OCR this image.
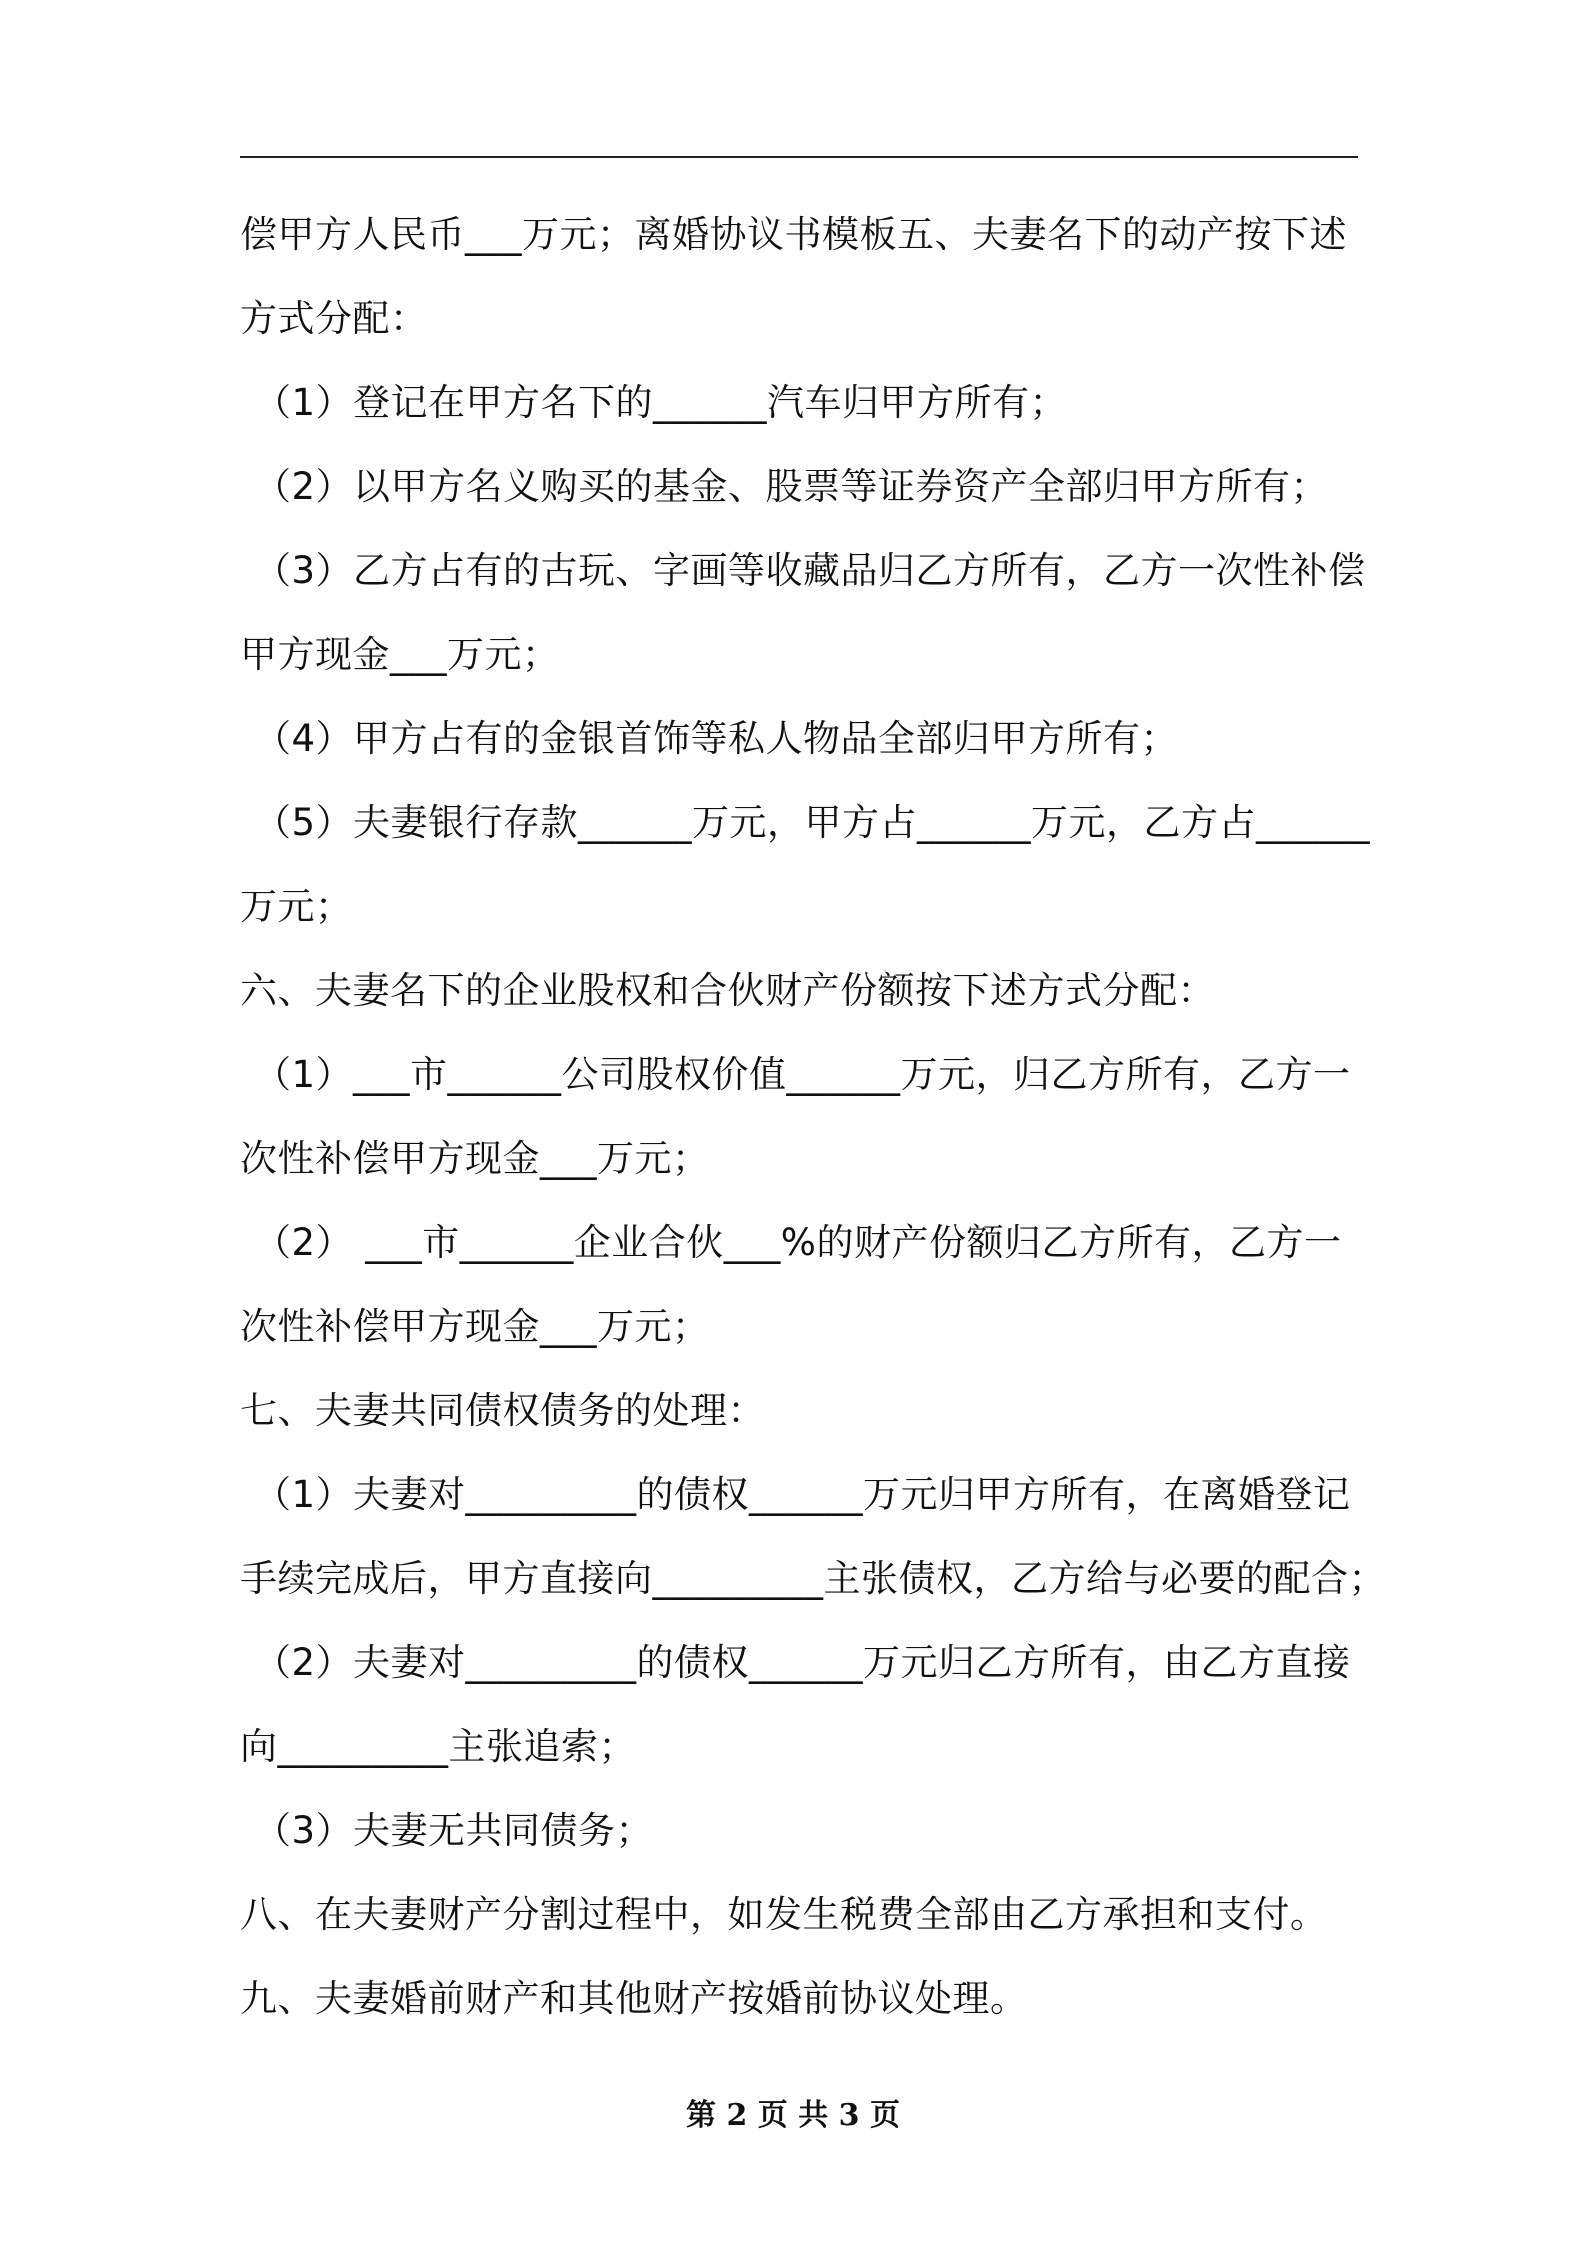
偿甲方人民币___万元；离婚协议书模板五、夫妻名下的动产按下述
方式分配：
（1）登记在甲方名下的______汽车归甲方所有；
（2）以甲方名义购买的基金、股票等证券资产全部归甲方所有；
（3）乙方占有的古玩、字画等收藏品归乙方所有，乙方一次性补偿
甲方现金___万元；
（4）甲方占有的金银首饰等私人物品全部归甲方所有；
（5）夫妻银行存款______万元，甲方占______万元，乙方占______
万元；
六、夫妻名下的企业股权和合伙财产份额按下述方式分配：
（1）___市______公司股权价值______万元，归乙方所有，乙方一
次性补偿甲方现金___万元；
（2） ___市______企业合伙___%的财产份额归乙方所有，乙方一
次性补偿甲方现金___万元；
七、夫妻共同债权债务的处理：
（1）夫妻对_________的债权______万元归甲方所有，在离婚登记
手续完成后，甲方直接向_________主张债权，乙方给与必要的配合；
（2）夫妻对_________的债权______万元归乙方所有，由乙方直接
向_________主张追索；
（3）夫妻无共同债务；
八、在夫妻财产分割过程中，如发生税费全部由乙方承担和支付。
九、夫妻婚前财产和其他财产按婚前协议处理。
第 2 页 共 3 页
